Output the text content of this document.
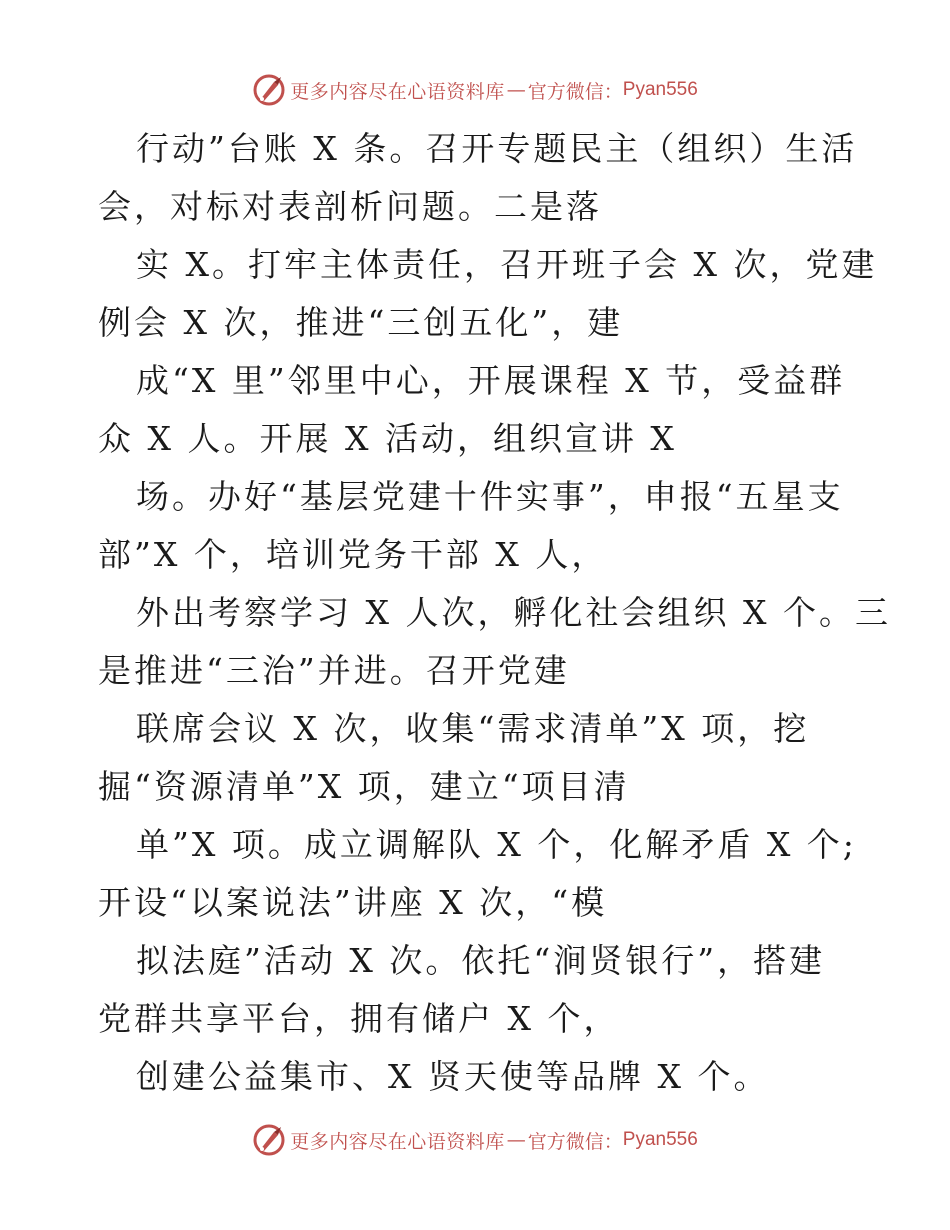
更多内容尽在心语资料库 — 官方微信 ： Pyan556
行动”台账 X 条。召开专题民主（组织）生活
会，对标对表剖析问题。二是落
实 X。打牢主体责任，召开班子会 X 次，党建
例会 X 次，推进“三创五化”，建
成“X 里”邻里中心，开展课程 X 节，受益群
众 X 人。开展 X 活动，组织宣讲 X
场。办好“基层党建十件实事”，申报“五星支
部”X 个，培训党务干部 X 人，
外出考察学习 X 人次，孵化社会组织 X 个。三
是推进“三治”并进。召开党建
联席会议 X 次，收集“需求清单”X 项，挖
掘“资源清单”X 项，建立“项目清
单”X 项。成立调解队 X 个，化解矛盾 X 个;
开设“以案说法”讲座 X 次，“模
拟法庭”活动 X 次。依托“涧贤银行”，搭建
党群共享平台，拥有储户 X 个，
创建公益集市、X 贤天使等品牌 X 个。
更多内容尽在心语资料库 — 官方微信 ： Pyan556
